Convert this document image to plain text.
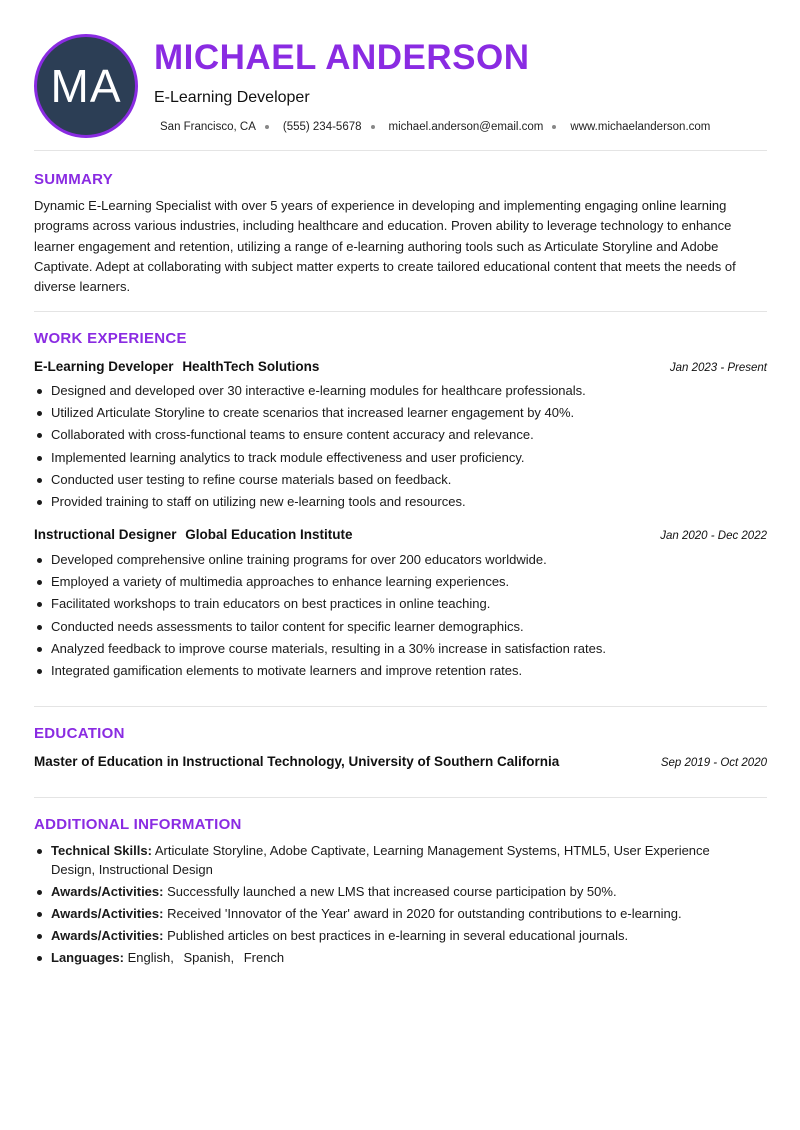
MA
MICHAEL ANDERSON
E-Learning Developer
San Francisco, CA (555) 234-5678 michael.anderson@email.com www.michaelanderson.com
SUMMARY
Dynamic E-Learning Specialist with over 5 years of experience in developing and implementing engaging online learning programs across various industries, including healthcare and education. Proven ability to leverage technology to enhance learner engagement and retention, utilizing a range of e-learning authoring tools such as Articulate Storyline and Adobe Captivate. Adept at collaborating with subject matter experts to create tailored educational content that meets the needs of diverse learners.
WORK EXPERIENCE
E-Learning Developer HealthTech Solutions	Jan 2023 - Present
Designed and developed over 30 interactive e-learning modules for healthcare professionals.
Utilized Articulate Storyline to create scenarios that increased learner engagement by 40%.
Collaborated with cross-functional teams to ensure content accuracy and relevance.
Implemented learning analytics to track module effectiveness and user proficiency.
Conducted user testing to refine course materials based on feedback.
Provided training to staff on utilizing new e-learning tools and resources.
Instructional Designer Global Education Institute	Jan 2020 - Dec 2022
Developed comprehensive online training programs for over 200 educators worldwide.
Employed a variety of multimedia approaches to enhance learning experiences.
Facilitated workshops to train educators on best practices in online teaching.
Conducted needs assessments to tailor content for specific learner demographics.
Analyzed feedback to improve course materials, resulting in a 30% increase in satisfaction rates.
Integrated gamification elements to motivate learners and improve retention rates.
EDUCATION
Master of Education in Instructional Technology, University of Southern California	Sep 2019 - Oct 2020
ADDITIONAL INFORMATION
Technical Skills: Articulate Storyline, Adobe Captivate, Learning Management Systems, HTML5, User Experience Design, Instructional Design
Awards/Activities: Successfully launched a new LMS that increased course participation by 50%.
Awards/Activities: Received 'Innovator of the Year' award in 2020 for outstanding contributions to e-learning.
Awards/Activities: Published articles on best practices in e-learning in several educational journals.
Languages: English, Spanish, French
